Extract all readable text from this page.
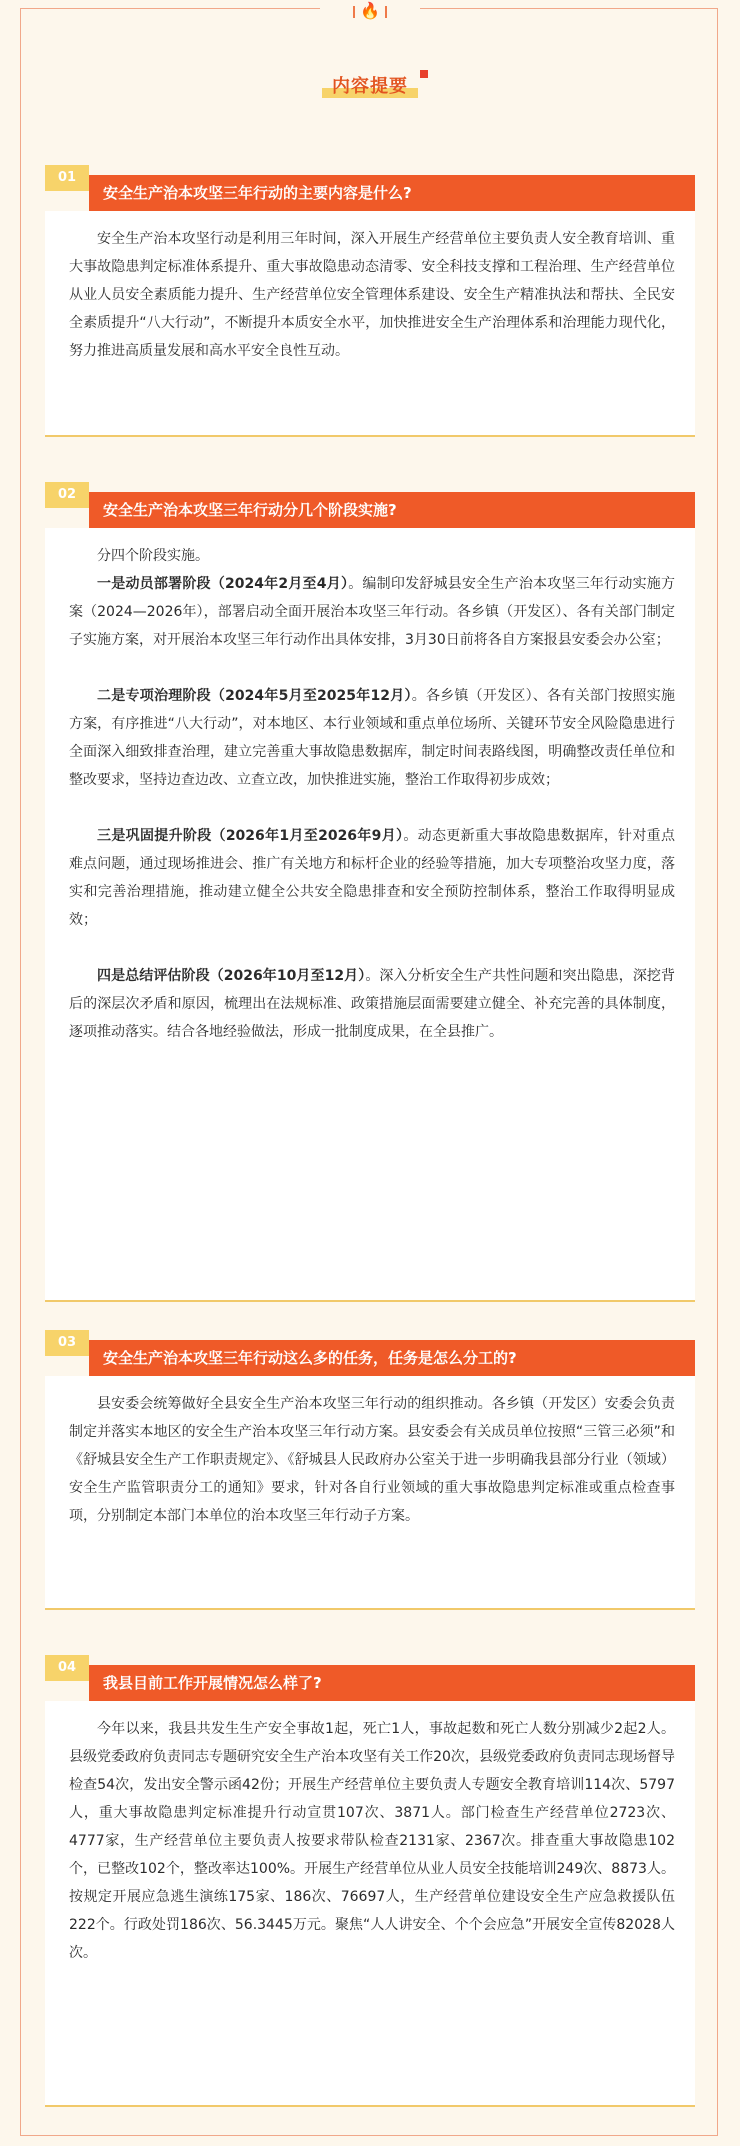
🔥
内容提要
01
安全生产治本攻坚三年行动的主要内容是什么?

安全生产治本攻坚行动是利用三年时间，深入开展生产经营单位主要负责人安全教育培训、重大事故隐患判定标准体系提升、重大事故隐患动态清零、安全科技支撑和工程治理、生产经营单位从业人员安全素质能力提升、生产经营单位安全管理体系建设、安全生产精准执法和帮扶、全民安全素质提升“八大行动”，不断提升本质安全水平，加快推进安全生产治理体系和治理能力现代化，努力推进高质量发展和高水平安全良性互动。

02
安全生产治本攻坚三年行动分几个阶段实施?

分四个阶段实施。

一是动员部署阶段（2024年2月至4月）。编制印发舒城县安全生产治本攻坚三年行动实施方案（2024—2026年），部署启动全面开展治本攻坚三年行动。各乡镇（开发区）、各有关部门制定子实施方案，对开展治本攻坚三年行动作出具体安排，3月30日前将各自方案报县安委会办公室；

二是专项治理阶段（2024年5月至2025年12月）。各乡镇（开发区）、各有关部门按照实施方案，有序推进“八大行动”，对本地区、本行业领域和重点单位场所、关键环节安全风险隐患进行全面深入细致排查治理，建立完善重大事故隐患数据库，制定时间表路线图，明确整改责任单位和整改要求，坚持边查边改、立查立改，加快推进实施，整治工作取得初步成效；

三是巩固提升阶段（2026年1月至2026年9月）。动态更新重大事故隐患数据库，针对重点难点问题，通过现场推进会、推广有关地方和标杆企业的经验等措施，加大专项整治攻坚力度，落实和完善治理措施，推动建立健全公共安全隐患排查和安全预防控制体系，整治工作取得明显成效；

四是总结评估阶段（2026年10月至12月）。深入分析安全生产共性问题和突出隐患，深挖背后的深层次矛盾和原因，梳理出在法规标准、政策措施层面需要建立健全、补充完善的具体制度，逐项推动落实。结合各地经验做法，形成一批制度成果，在全县推广。

03
安全生产治本攻坚三年行动这么多的任务，任务是怎么分工的?

县安委会统筹做好全县安全生产治本攻坚三年行动的组织推动。各乡镇（开发区）安委会负责制定并落实本地区的安全生产治本攻坚三年行动方案。县安委会有关成员单位按照“三管三必须”和《舒城县安全生产工作职责规定》、《舒城县人民政府办公室关于进一步明确我县部分行业（领域）安全生产监管职责分工的通知》要求，针对各自行业领域的重大事故隐患判定标准或重点检查事项，分别制定本部门本单位的治本攻坚三年行动子方案。

04
我县目前工作开展情况怎么样了?

今年以来，我县共发生生产安全事故1起，死亡1人，事故起数和死亡人数分别减少2起2人。县级党委政府负责同志专题研究安全生产治本攻坚有关工作20次，县级党委政府负责同志现场督导检查54次，发出安全警示函42份；开展生产经营单位主要负责人专题安全教育培训114次、5797人，重大事故隐患判定标准提升行动宣贯107次、3871人。部门检查生产经营单位2723次、4777家，生产经营单位主要负责人按要求带队检查2131家、2367次。排查重大事故隐患102个，已整改102个，整改率达100%。开展生产经营单位从业人员安全技能培训249次、8873人。按规定开展应急逃生演练175家、186次、76697人，生产经营单位建设安全生产应急救援队伍222个。行政处罚186次、56.3445万元。聚焦“人人讲安全、个个会应急”开展安全宣传82028人次。
